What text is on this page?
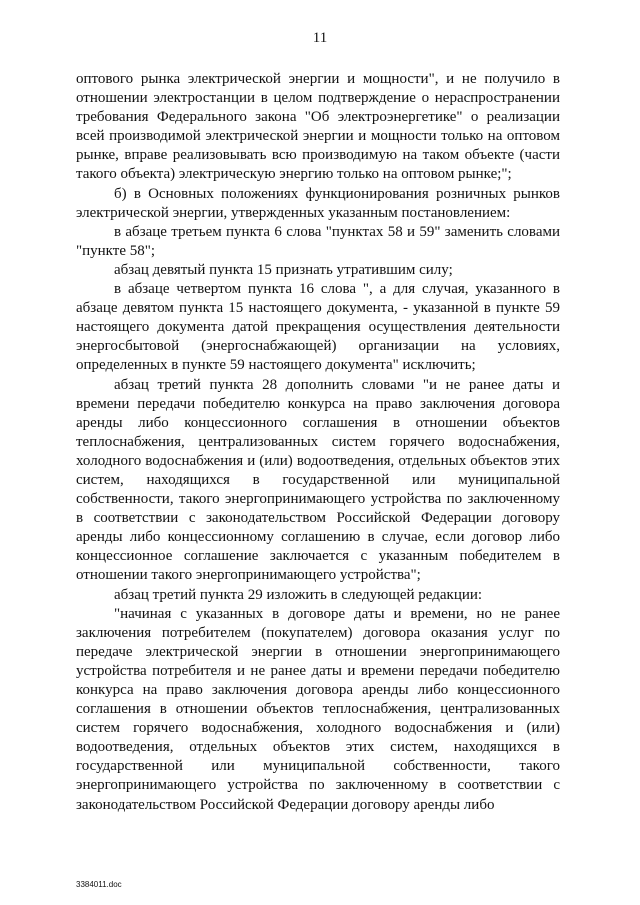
11

оптового рынка электрической энергии и мощности", и не получило в отношении электростанции в целом подтверждение о нераспространении требования Федерального закона "Об электроэнергетике" о реализации всей производимой электрической энергии и мощности только на оптовом рынке, вправе реализовывать всю производимую на таком объекте (части такого объекта) электрическую энергию только на оптовом рынке;";

б) в Основных положениях функционирования розничных рынков электрической энергии, утвержденных указанным постановлением:

в абзаце третьем пункта 6 слова "пунктах 58 и 59" заменить словами "пункте 58";

абзац девятый пункта 15 признать утратившим силу;

в абзаце четвертом пункта 16 слова ", а для случая, указанного в абзаце девятом пункта 15 настоящего документа, - указанной в пункте 59 настоящего документа датой прекращения осуществления деятельности энергосбытовой (энергоснабжающей) организации на условиях, определенных в пункте 59 настоящего документа" исключить;

абзац третий пункта 28 дополнить словами "и не ранее даты и времени передачи победителю конкурса на право заключения договора аренды либо концессионного соглашения в отношении объектов теплоснабжения, централизованных систем горячего водоснабжения, холодного водоснабжения и (или) водоотведения, отдельных объектов этих систем, находящихся в государственной или муниципальной собственности, такого энергопринимающего устройства по заключенному в соответствии с законодательством Российской Федерации договору аренды либо концессионному соглашению в случае, если договор либо концессионное соглашение заключается с указанным победителем в отношении такого энергопринимающего устройства";

абзац третий пункта 29 изложить в следующей редакции:

"начиная с указанных в договоре даты и времени, но не ранее заключения потребителем (покупателем) договора оказания услуг по передаче электрической энергии в отношении энергопринимающего устройства потребителя и не ранее даты и времени передачи победителю конкурса на право заключения договора аренды либо концессионного соглашения в отношении объектов теплоснабжения, централизованных систем горячего водоснабжения, холодного водоснабжения и (или) водоотведения, отдельных объектов этих систем, находящихся в государственной или муниципальной собственности, такого энергопринимающего устройства по заключенному в соответствии с законодательством Российской Федерации договору аренды либо

3384011.doc
